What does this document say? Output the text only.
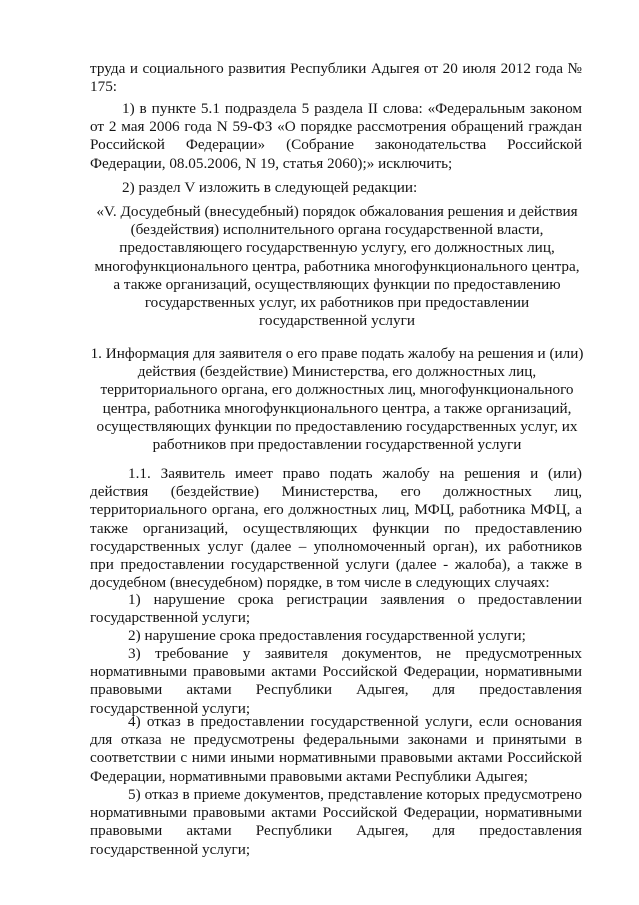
труда и социального развития Республики Адыгея от 20 июля 2012 года № 175:

1) в пункте 5.1 подраздела 5 раздела II слова: «Федеральным законом от 2 мая 2006 года N 59-ФЗ «О порядке рассмотрения обращений граждан Российской Федерации» (Собрание законодательства Российской Федерации, 08.05.2006, N 19, статья 2060);» исключить;

2) раздел V изложить в следующей редакции:

«V. Досудебный (внесудебный) порядок обжалования решения и действия (бездействия) исполнительного органа государственной власти, предоставляющего государственную услугу, его должностных лиц, многофункционального центра, работника многофункционального центра, а также организаций, осуществляющих функции по предоставлению государственных услуг, их работников при предоставлении государственной услуги

1. Информация для заявителя о его праве подать жалобу на решения и (или) действия (бездействие) Министерства, его должностных лиц, территориального органа, его должностных лиц, многофункционального центра, работника многофункционального центра, а также организаций, осуществляющих функции по предоставлению государственных услуг, их работников при предоставлении государственной услуги

1.1. Заявитель имеет право подать жалобу на решения и (или) действия (бездействие) Министерства, его должностных лиц, территориального органа, его должностных лиц, МФЦ, работника МФЦ, а также организаций, осуществляющих функции по предоставлению государственных услуг (далее – уполномоченный орган), их работников при предоставлении государственной услуги (далее - жалоба), а также в досудебном (внесудебном) порядке, в том числе в следующих случаях:

1) нарушение срока регистрации заявления о предоставлении государственной услуги;

2) нарушение срока предоставления государственной услуги;

3) требование у заявителя документов, не предусмотренных нормативными правовыми актами Российской Федерации, нормативными правовыми актами Республики Адыгея, для предоставления государственной услуги;

4) отказ в предоставлении государственной услуги, если основания для отказа не предусмотрены федеральными законами и принятыми в соответствии с ними иными нормативными правовыми актами Российской Федерации, нормативными правовыми актами Республики Адыгея;

5) отказ в приеме документов, представление которых предусмотрено нормативными правовыми актами Российской Федерации, нормативными правовыми актами Республики Адыгея, для предоставления государственной услуги;
